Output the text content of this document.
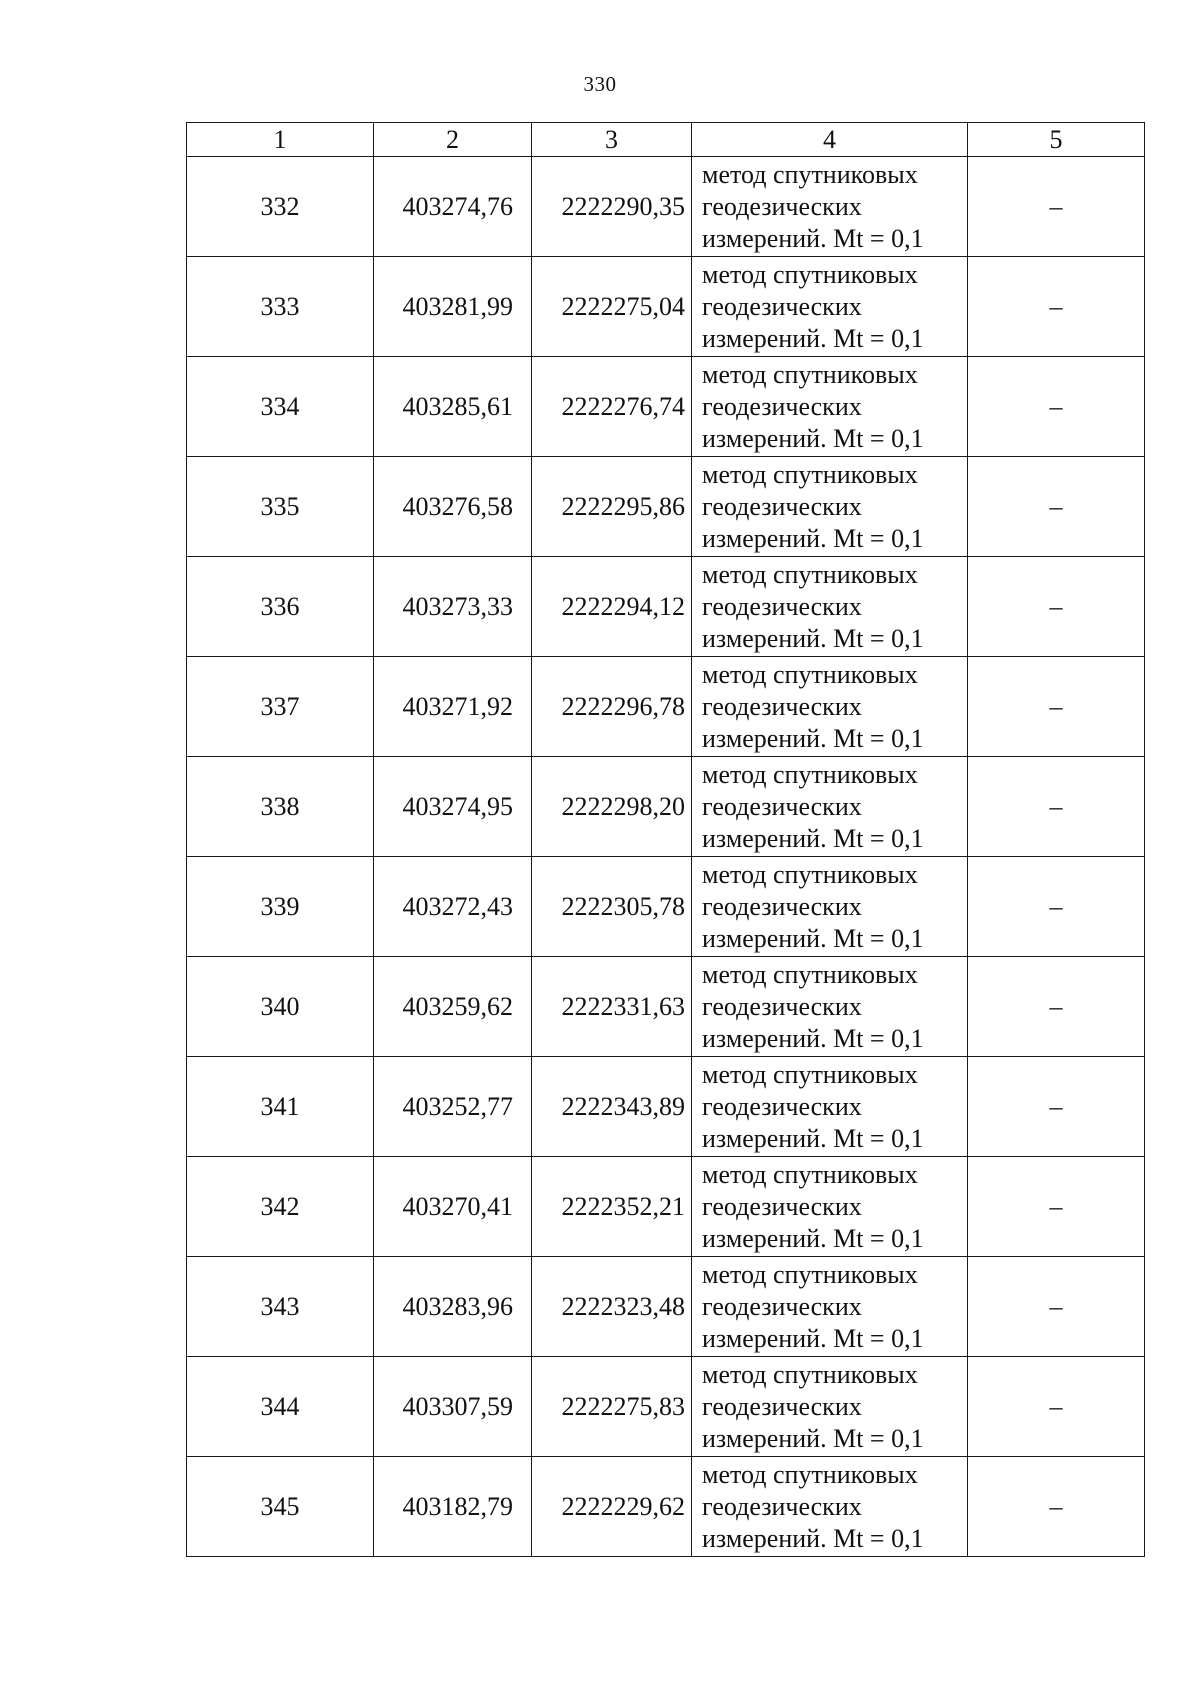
330
1	2	3	4	5
332	403274,76	2222290,35	метод спутниковых
геодезических
измерений. Mt = 0,1	–
333	403281,99	2222275,04	метод спутниковых
геодезических
измерений. Mt = 0,1	–
334	403285,61	2222276,74	метод спутниковых
геодезических
измерений. Mt = 0,1	–
335	403276,58	2222295,86	метод спутниковых
геодезических
измерений. Mt = 0,1	–
336	403273,33	2222294,12	метод спутниковых
геодезических
измерений. Mt = 0,1	–
337	403271,92	2222296,78	метод спутниковых
геодезических
измерений. Mt = 0,1	–
338	403274,95	2222298,20	метод спутниковых
геодезических
измерений. Mt = 0,1	–
339	403272,43	2222305,78	метод спутниковых
геодезических
измерений. Mt = 0,1	–
340	403259,62	2222331,63	метод спутниковых
геодезических
измерений. Mt = 0,1	–
341	403252,77	2222343,89	метод спутниковых
геодезических
измерений. Mt = 0,1	–
342	403270,41	2222352,21	метод спутниковых
геодезических
измерений. Mt = 0,1	–
343	403283,96	2222323,48	метод спутниковых
геодезических
измерений. Mt = 0,1	–
344	403307,59	2222275,83	метод спутниковых
геодезических
измерений. Mt = 0,1	–
345	403182,79	2222229,62	метод спутниковых
геодезических
измерений. Mt = 0,1	–
